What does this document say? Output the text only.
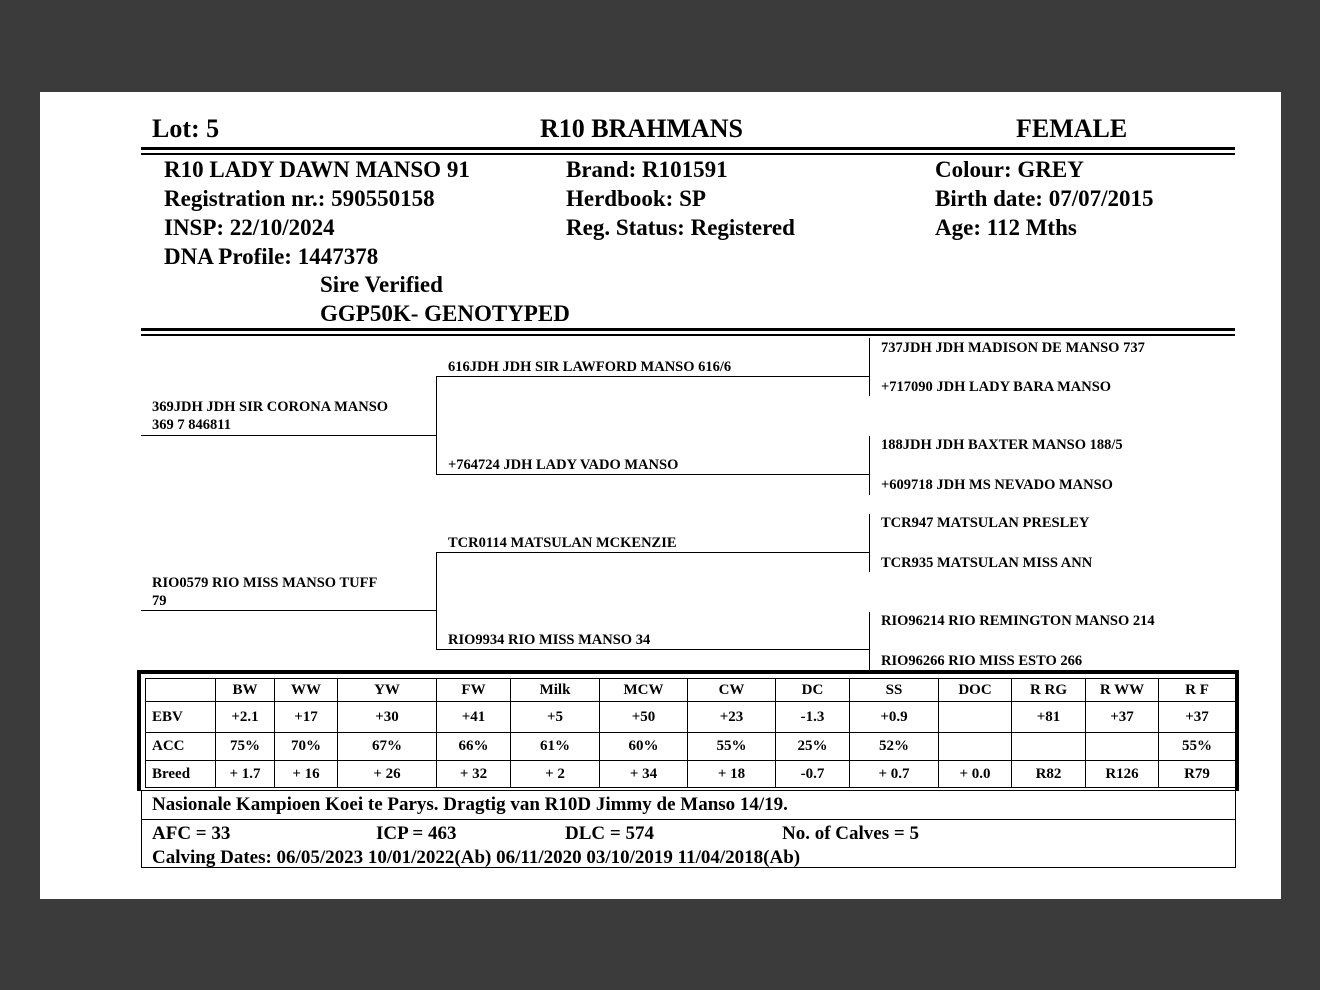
Lot: 5	R10 BRAHMANS	FEMALE
R10 LADY DAWN MANSO 91
Registration nr.: 590550158
INSP: 22/10/2024
DNA Profile: 1447378
Sire Verified
GGP50K- GENOTYPED
Brand: R101591
Herdbook: SP
Reg. Status: Registered
Colour: GREY
Birth date: 07/07/2015
Age: 112 Mths
369JDH JDH SIR CORONA MANSO
369 7 846811
RIO0579 RIO MISS MANSO TUFF
79
616JDH JDH SIR LAWFORD MANSO 616/6
+764724 JDH LADY VADO MANSO
TCR0114 MATSULAN MCKENZIE
RIO9934 RIO MISS MANSO 34
737JDH JDH MADISON DE MANSO 737
+717090 JDH LADY BARA MANSO
188JDH JDH BAXTER MANSO 188/5
+609718 JDH MS NEVADO MANSO
TCR947 MATSULAN PRESLEY
TCR935 MATSULAN MISS ANN
RIO96214 RIO REMINGTON MANSO 214
RIO96266 RIO MISS ESTO 266
	BW	WW	YW	FW	Milk	MCW	CW	DC	SS	DOC	R RG	R WW	R F
EBV	+2.1	+17	+30	+41	+5	+50	+23	-1.3	+0.9		+81	+37	+37
ACC	75%	70%	67%	66%	61%	60%	55%	25%	52%				55%
Breed	+ 1.7	+ 16	+ 26	+ 32	+ 2	+ 34	+ 18	-0.7	+ 0.7	+ 0.0	R82	R126	R79
Nasionale Kampioen Koei te Parys. Dragtig van R10D Jimmy de Manso 14/19.
AFC = 33	ICP = 463	DLC = 574	No. of Calves = 5
Calving Dates: 06/05/2023 10/01/2022(Ab) 06/11/2020 03/10/2019 11/04/2018(Ab)
